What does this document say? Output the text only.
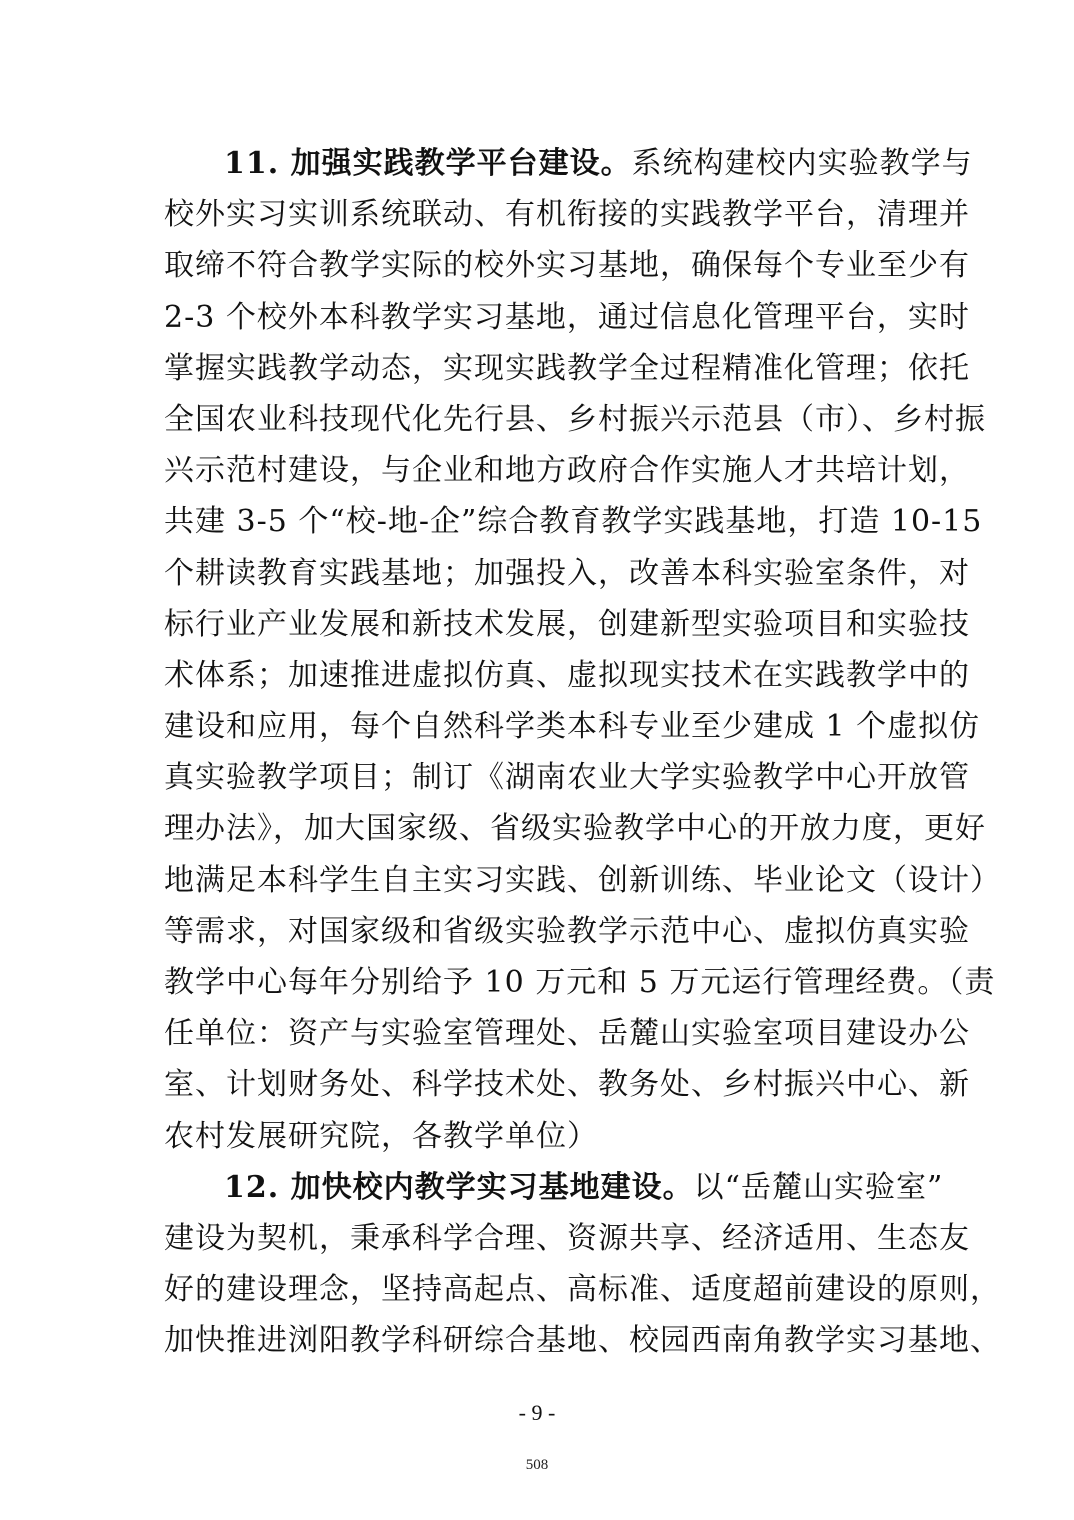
11. 加强实践教学平台建设。系统构建校内实验教学与
校外实习实训系统联动、有机衔接的实践教学平台，清理并
取缔不符合教学实际的校外实习基地，确保每个专业至少有
2-3 个校外本科教学实习基地，通过信息化管理平台，实时
掌握实践教学动态，实现实践教学全过程精准化管理；依托
全国农业科技现代化先行县、乡村振兴示范县（市）、乡村振
兴示范村建设，与企业和地方政府合作实施人才共培计划，
共建 3-5 个“校-地-企”综合教育教学实践基地，打造 10-15
个耕读教育实践基地；加强投入，改善本科实验室条件，对
标行业产业发展和新技术发展，创建新型实验项目和实验技
术体系；加速推进虚拟仿真、虚拟现实技术在实践教学中的
建设和应用，每个自然科学类本科专业至少建成 1 个虚拟仿
真实验教学项目；制订《湖南农业大学实验教学中心开放管
理办法》，加大国家级、省级实验教学中心的开放力度，更好
地满足本科学生自主实习实践、创新训练、毕业论文（设计）
等需求，对国家级和省级实验教学示范中心、虚拟仿真实验
教学中心每年分别给予 10 万元和 5 万元运行管理经费。（责
任单位：资产与实验室管理处、岳麓山实验室项目建设办公
室、计划财务处、科学技术处、教务处、乡村振兴中心、新
农村发展研究院，各教学单位）
12. 加快校内教学实习基地建设。以“岳麓山实验室”
建设为契机，秉承科学合理、资源共享、经济适用、生态友
好的建设理念，坚持高起点、高标准、适度超前建设的原则，
加快推进浏阳教学科研综合基地、校园西南角教学实习基地、
- 9 -
508
